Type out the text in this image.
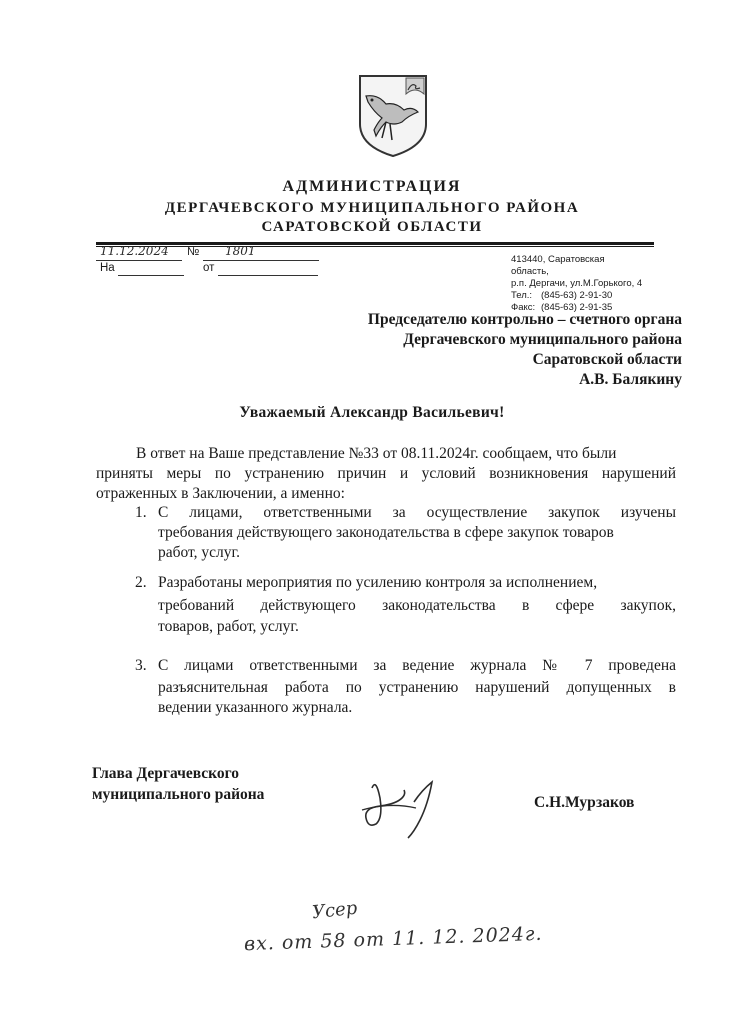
АДМИНИСТРАЦИЯ
ДЕРГАЧЕВСКОГО МУНИЦИПАЛЬНОГО РАЙОНА
САРАТОВСКОЙ ОБЛАСТИ
11.12.2024 № 1801
На	от
413440, Саратовская
область,
р.п. Дергачи, ул.М.Горького, 4
Тел.: (845-63) 2-91-30
Факс: (845-63) 2-91-35
Председателю контрольно – счетного органа
Дергачевского муниципального района
Саратовской области
А.В. Балякину
Уважаемый Александр Васильевич!
В ответ на Ваше представление №33 от 08.11.2024г. сообщаем, что были
приняты меры по устранению причин и условий возникновения нарушений
отраженных в Заключении, а именно:
1. С лицами, ответственными за осуществление закупок изучены
требования действующего законодательства в сфере закупок товаров
работ, услуг.
2. Разработаны мероприятия по усилению контроля за исполнением,
требований действующего законодательства в сфере закупок,
товаров, работ, услуг.
3. С лицами ответственными за ведение журнала № 7 проведена
разъяснительная работа по устранению нарушений допущенных в
ведении указанного журнала.
Глава Дергачевского
муниципального района	С.Н.Мурзаков
Усер
вх. от 58 от 11. 12. 2024г.
